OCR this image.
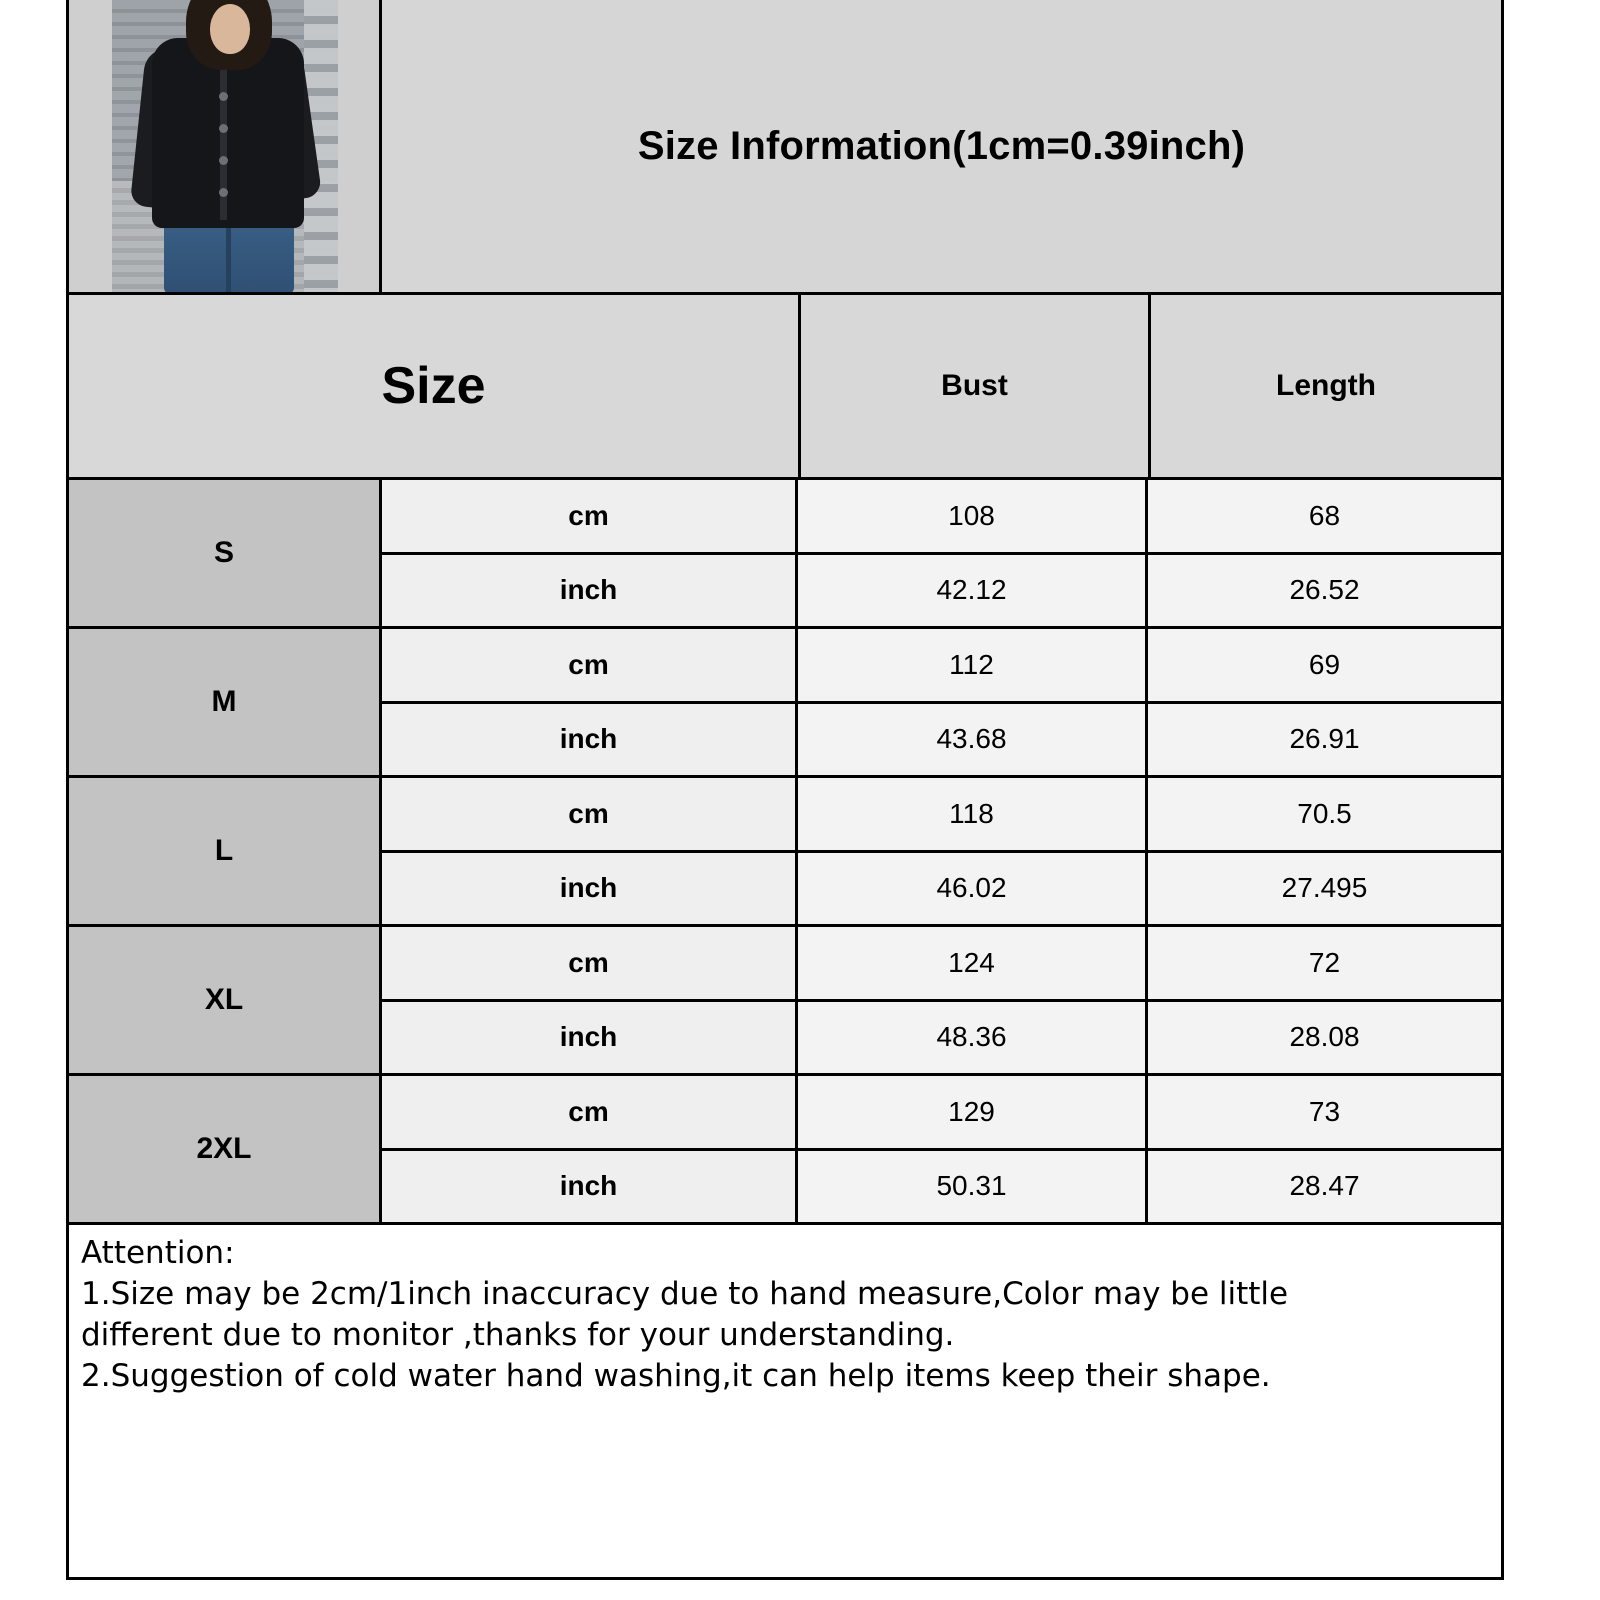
Size Information(1cm=0.39inch)
Size	Bust	Length
S
cm	108	68
inch	42.12	26.52
M
cm	112	69
inch	43.68	26.91
L
cm	118	70.5
inch	46.02	27.495
XL
cm	124	72
inch	48.36	28.08
2XL
cm	129	73
inch	50.31	28.47
Attention:
1.Size may be 2cm/1inch inaccuracy due to hand measure,Color may be little
different due to monitor ,thanks for your understanding.
2.Suggestion of cold water hand washing,it can help items keep their shape.
